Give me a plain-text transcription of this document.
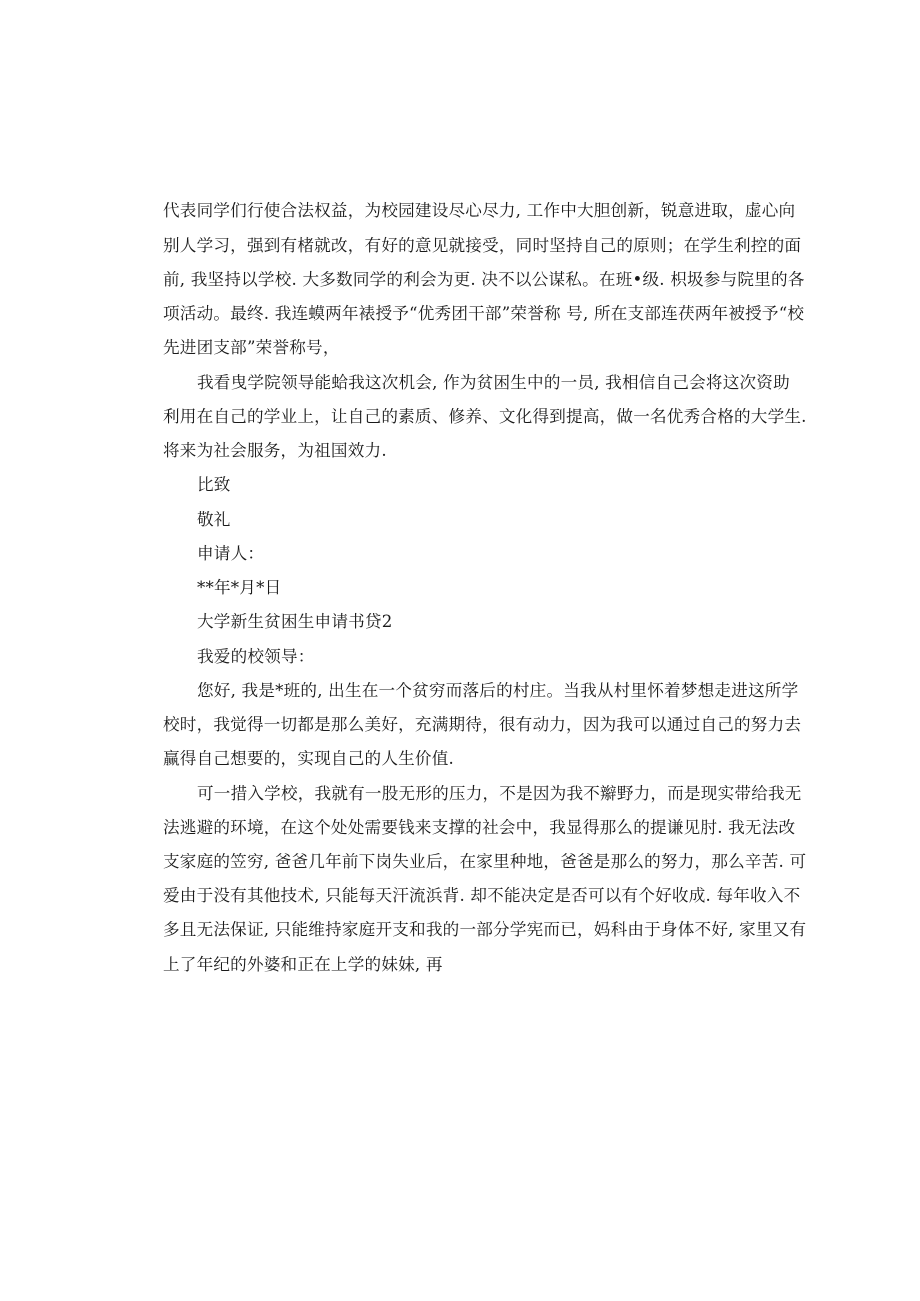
代表同学们行使合法权益，为校园建设尽心尽力, 工作中大胆创新，锐意进取，虚心向
别人学习，强到有楮就改，有好的意见就接受，同时坚持自己的原则；在学生利控的面
前, 我坚持以学校. 大多数同学的利会为更. 决不以公谋私。在班•级. 枳圾参与院里的各
项活动。最终. 我连蟆两年裱授予“优秀团干部”荣誉称 号, 所在支部连茯两年被授予“校
先进团支部”荣誉称号，
我看曳学院领导能蛤我这次机会, 作为贫困生中的一员, 我相信自己会将这次资助
利用在自己的学业上，让自己的素质、修养、文化得到提高，做一名优秀合格的大学生.
将来为社会服务，为祖国效力.
比致
敬礼
申请人：
**年*月*日
大学新生贫困生申请书贷2
我爱的校领导：
您好, 我是*班的, 出生在一个贫穷而落后的村庄。当我从村里怀着梦想走进这所学
校时，我觉得一切都是那么美好，充满期待，很有动力，因为我可以通过自己的努力去
赢得自己想要的，实现自己的人生价值.
可一措入学校，我就有一股无形的压力，不是因为我不辮野力，而是现实带给我无
法逃避的环境，在这个处处需要钱来支撑的社会中，我显得那么的提谦见肘. 我无法改
支家庭的笠穷, 爸爸几年前下岗失业后，在家里种地，爸爸是那么的努力，那么辛苦. 可
爱由于没有其他技术, 只能每天汗流浜背. 却不能决定是否可以有个好收成. 每年收入不
多且无法保证, 只能维持家庭开支和我的一部分学宪而已，妈科由于身体不好, 家里又有
上了年纪的外婆和正在上学的妹妹, 再
